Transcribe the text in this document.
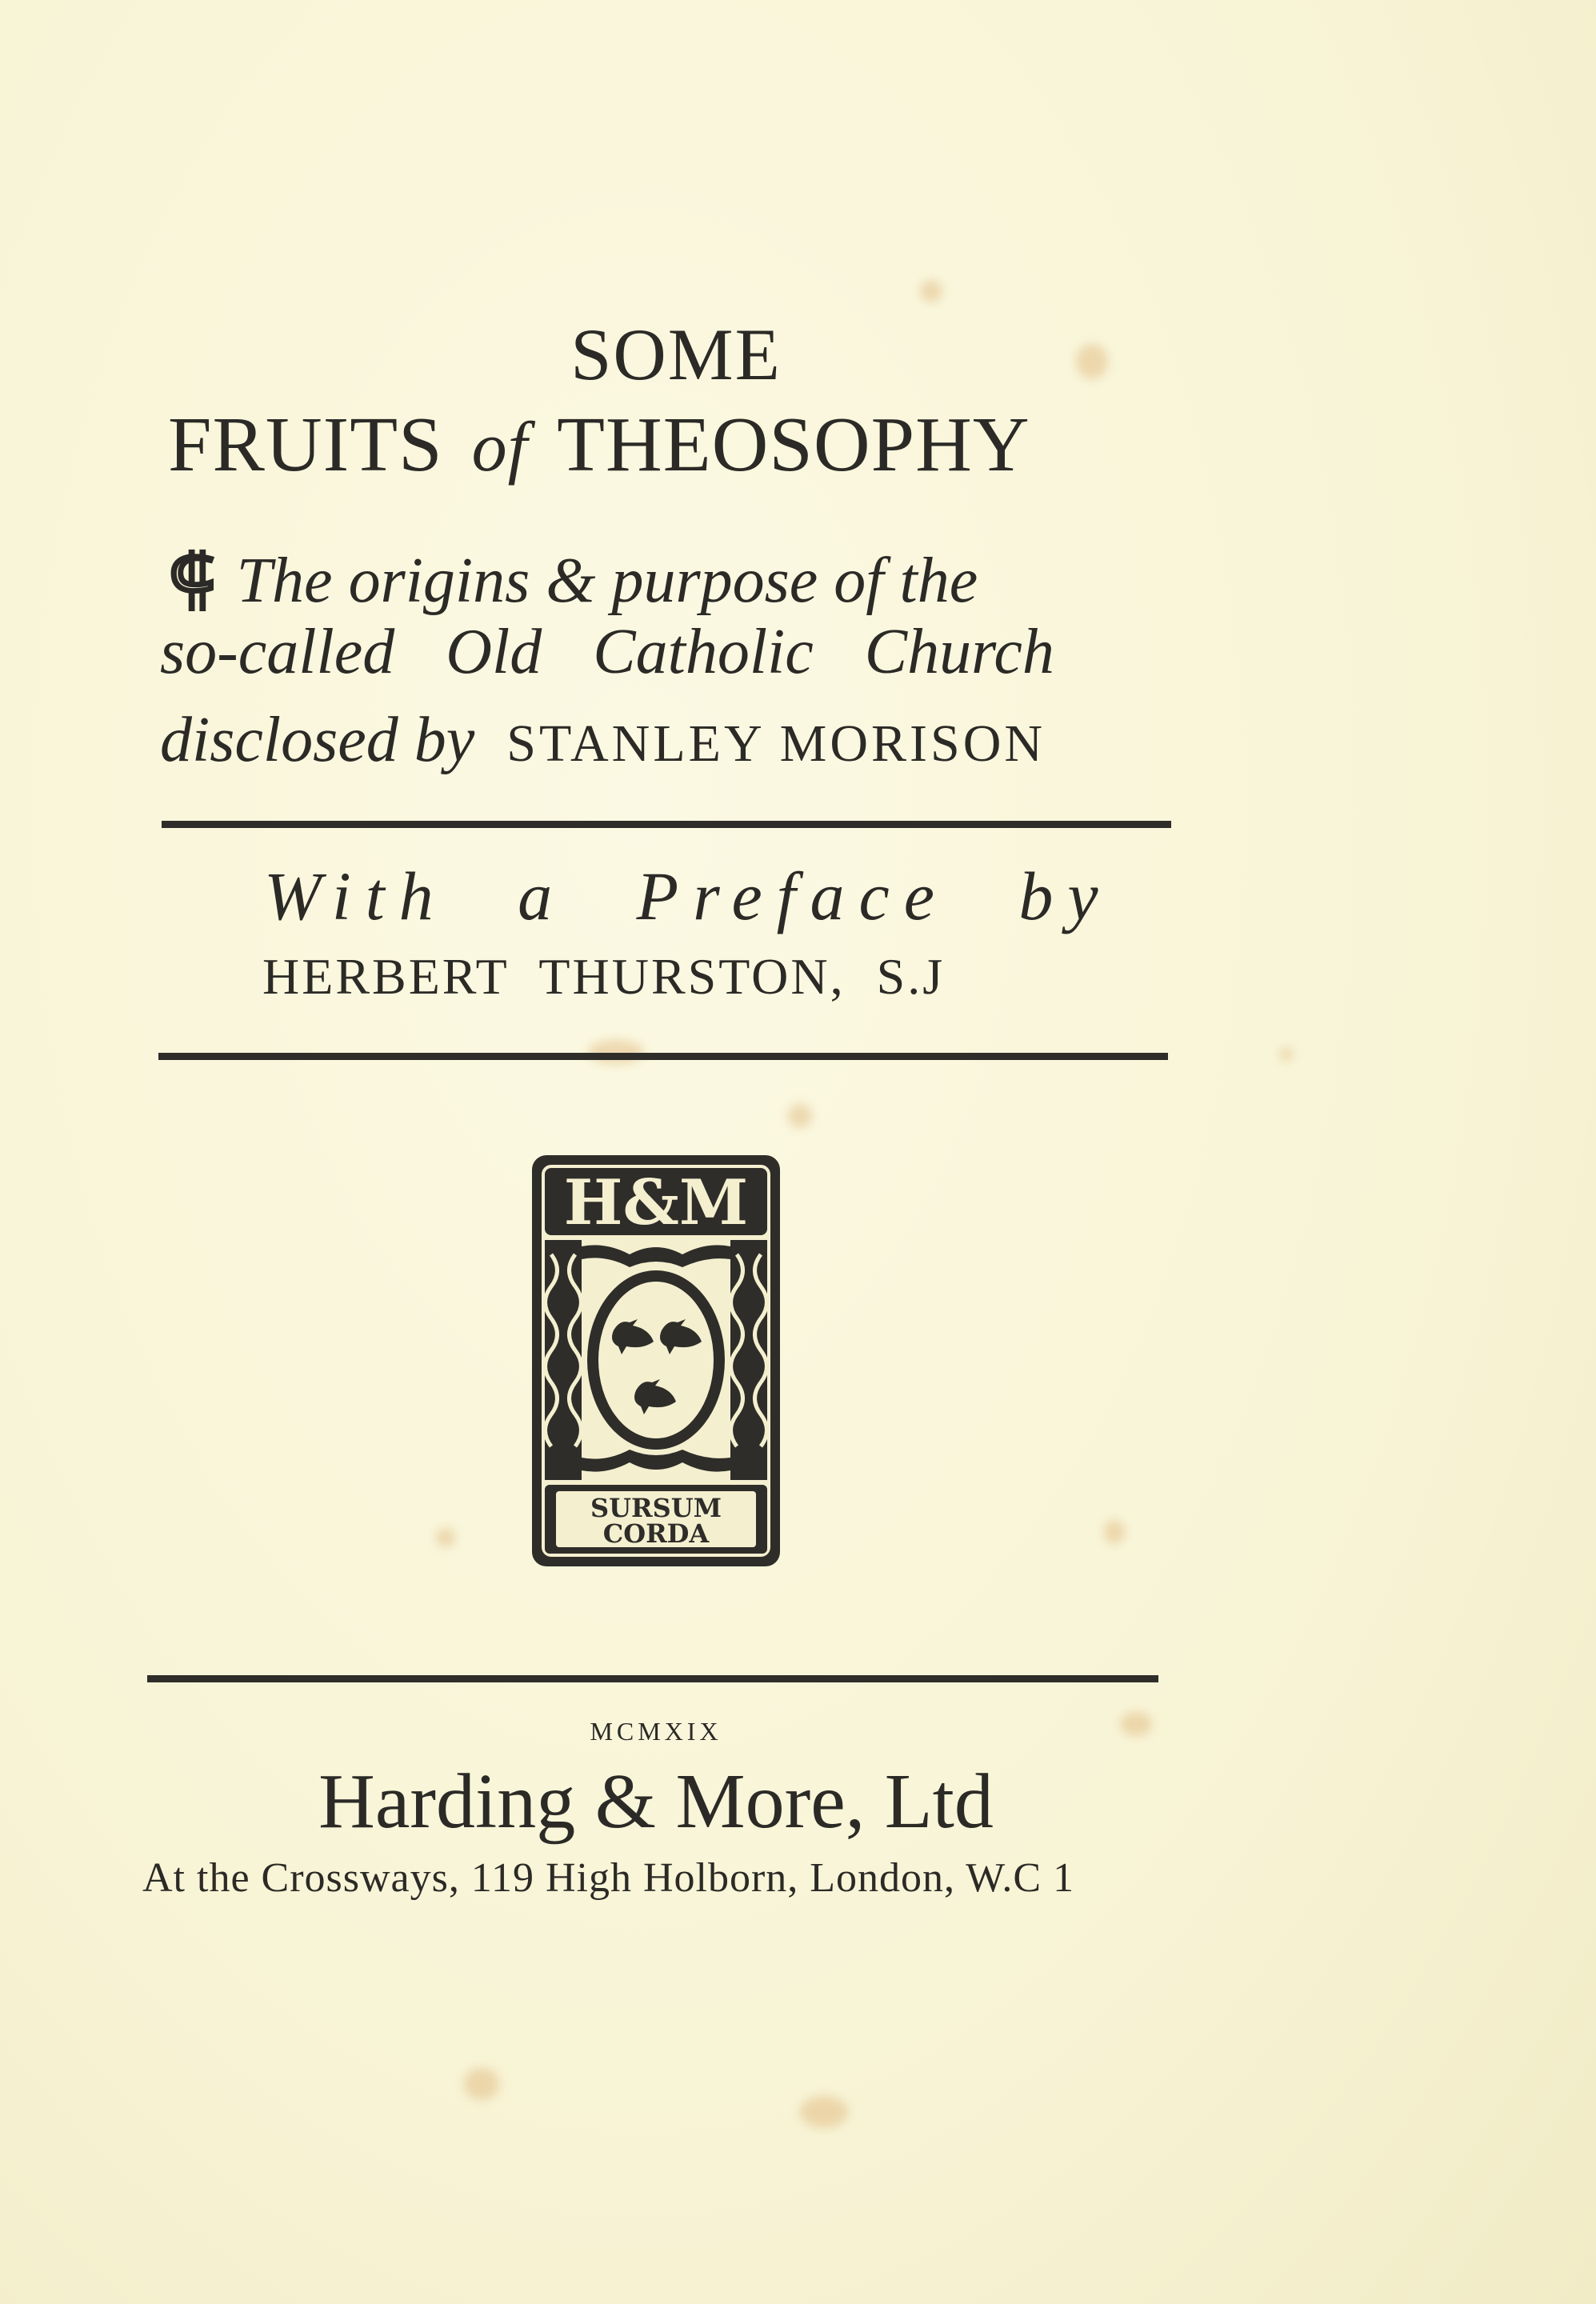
SOME
FRUITS of THEOSOPHY
⸿ The origins & purpose of the
so-called Old Catholic Church
disclosed by STANLEY MORISON
With a Preface by
HERBERT THURSTON, S.J
H&M
SURSUM
CORDA
MCMXIX
Harding & More, Ltd
At the Crossways, 119 High Holborn, London, W.C 1
